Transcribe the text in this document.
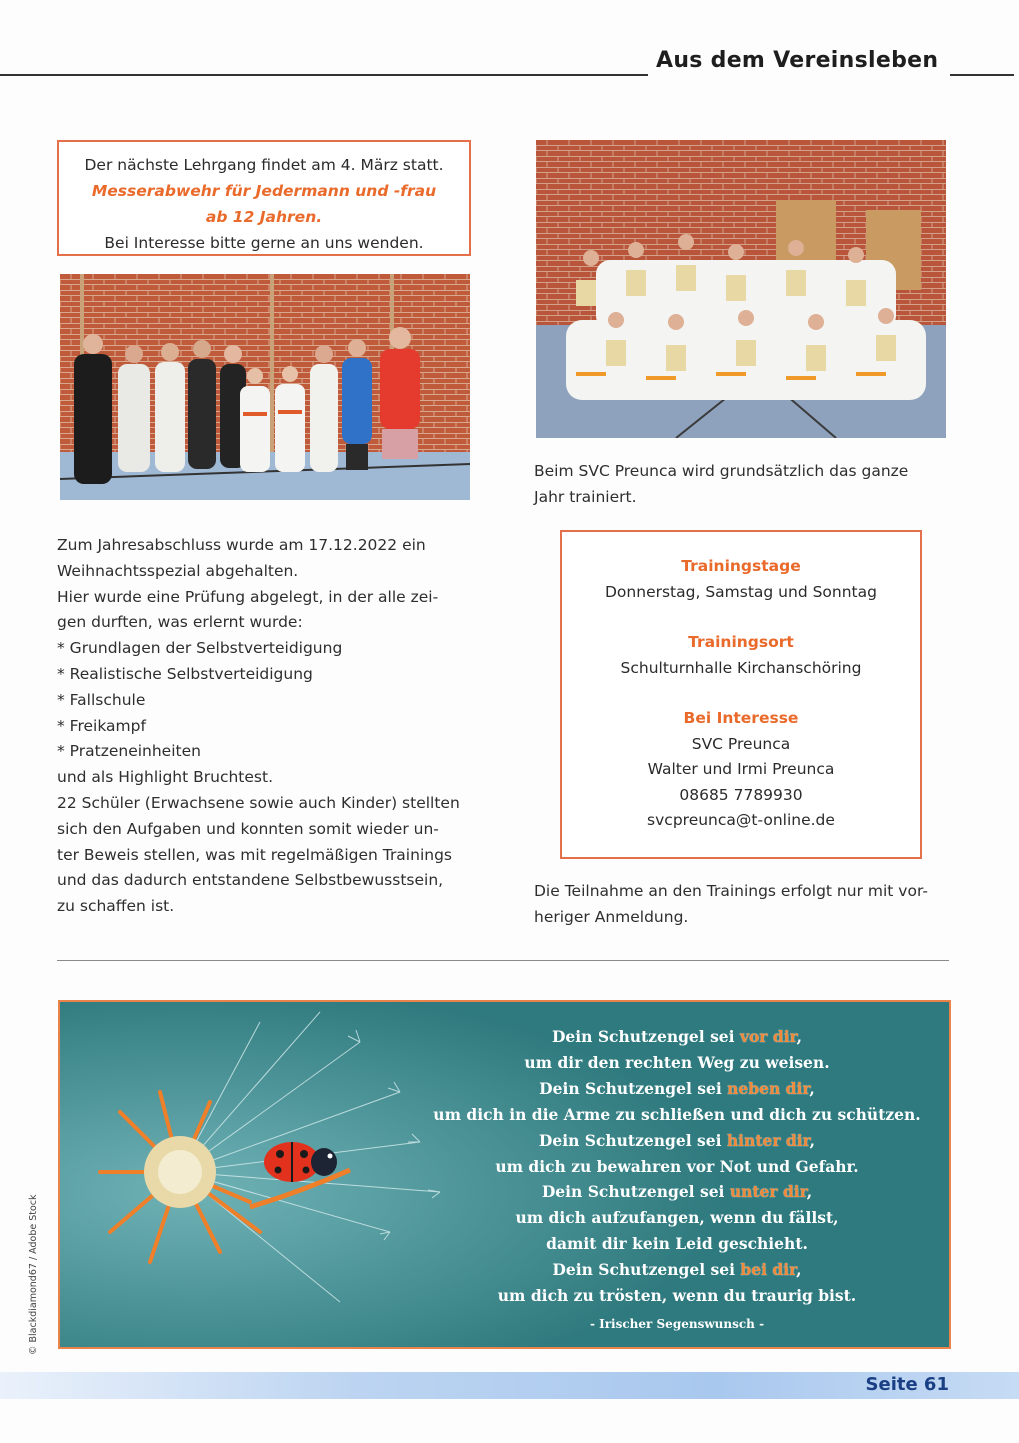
Aus dem Vereinsleben
Der nächste Lehrgang findet am 4. März statt.
Messerabwehr für Jedermann und -frau
ab 12 Jahren.
Bei Interesse bitte gerne an uns wenden.
Beim SVC Preunca wird grundsätzlich das ganze
Jahr trainiert.
Zum Jahresabschluss wurde am 17.12.2022 ein
Weihnachtsspezial abgehalten.
Hier wurde eine Prüfung abgelegt, in der alle zei-
gen durften, was erlernt wurde:
* Grundlagen der Selbstverteidigung
* Realistische Selbstverteidigung
* Fallschule
* Freikampf
* Pratzeneinheiten
und als Highlight Bruchtest.
22 Schüler (Erwachsene sowie auch Kinder) stellten
sich den Aufgaben und konnten somit wieder un-
ter Beweis stellen, was mit regelmäßigen Trainings
und das dadurch entstandene Selbstbewusstsein,
zu schaffen ist.
Trainingstage
Donnerstag, Samstag und Sonntag
Trainingsort
Schulturnhalle Kirchanschöring
Bei Interesse
SVC Preunca
Walter und Irmi Preunca
08685 7789930
svcpreunca@t-online.de
Die Teilnahme an den Trainings erfolgt nur mit vor-
heriger Anmeldung.
Dein Schutzengel sei vor dir,
um dir den rechten Weg zu weisen.
Dein Schutzengel sei neben dir,
um dich in die Arme zu schließen und dich zu schützen.
Dein Schutzengel sei hinter dir,
um dich zu bewahren vor Not und Gefahr.
Dein Schutzengel sei unter dir,
um dich aufzufangen, wenn du fällst,
damit dir kein Leid geschieht.
Dein Schutzengel sei bei dir,
um dich zu trösten, wenn du traurig bist.
- Irischer Segenswunsch -
© Blackdiamond67 / Adobe Stock
Seite 61
